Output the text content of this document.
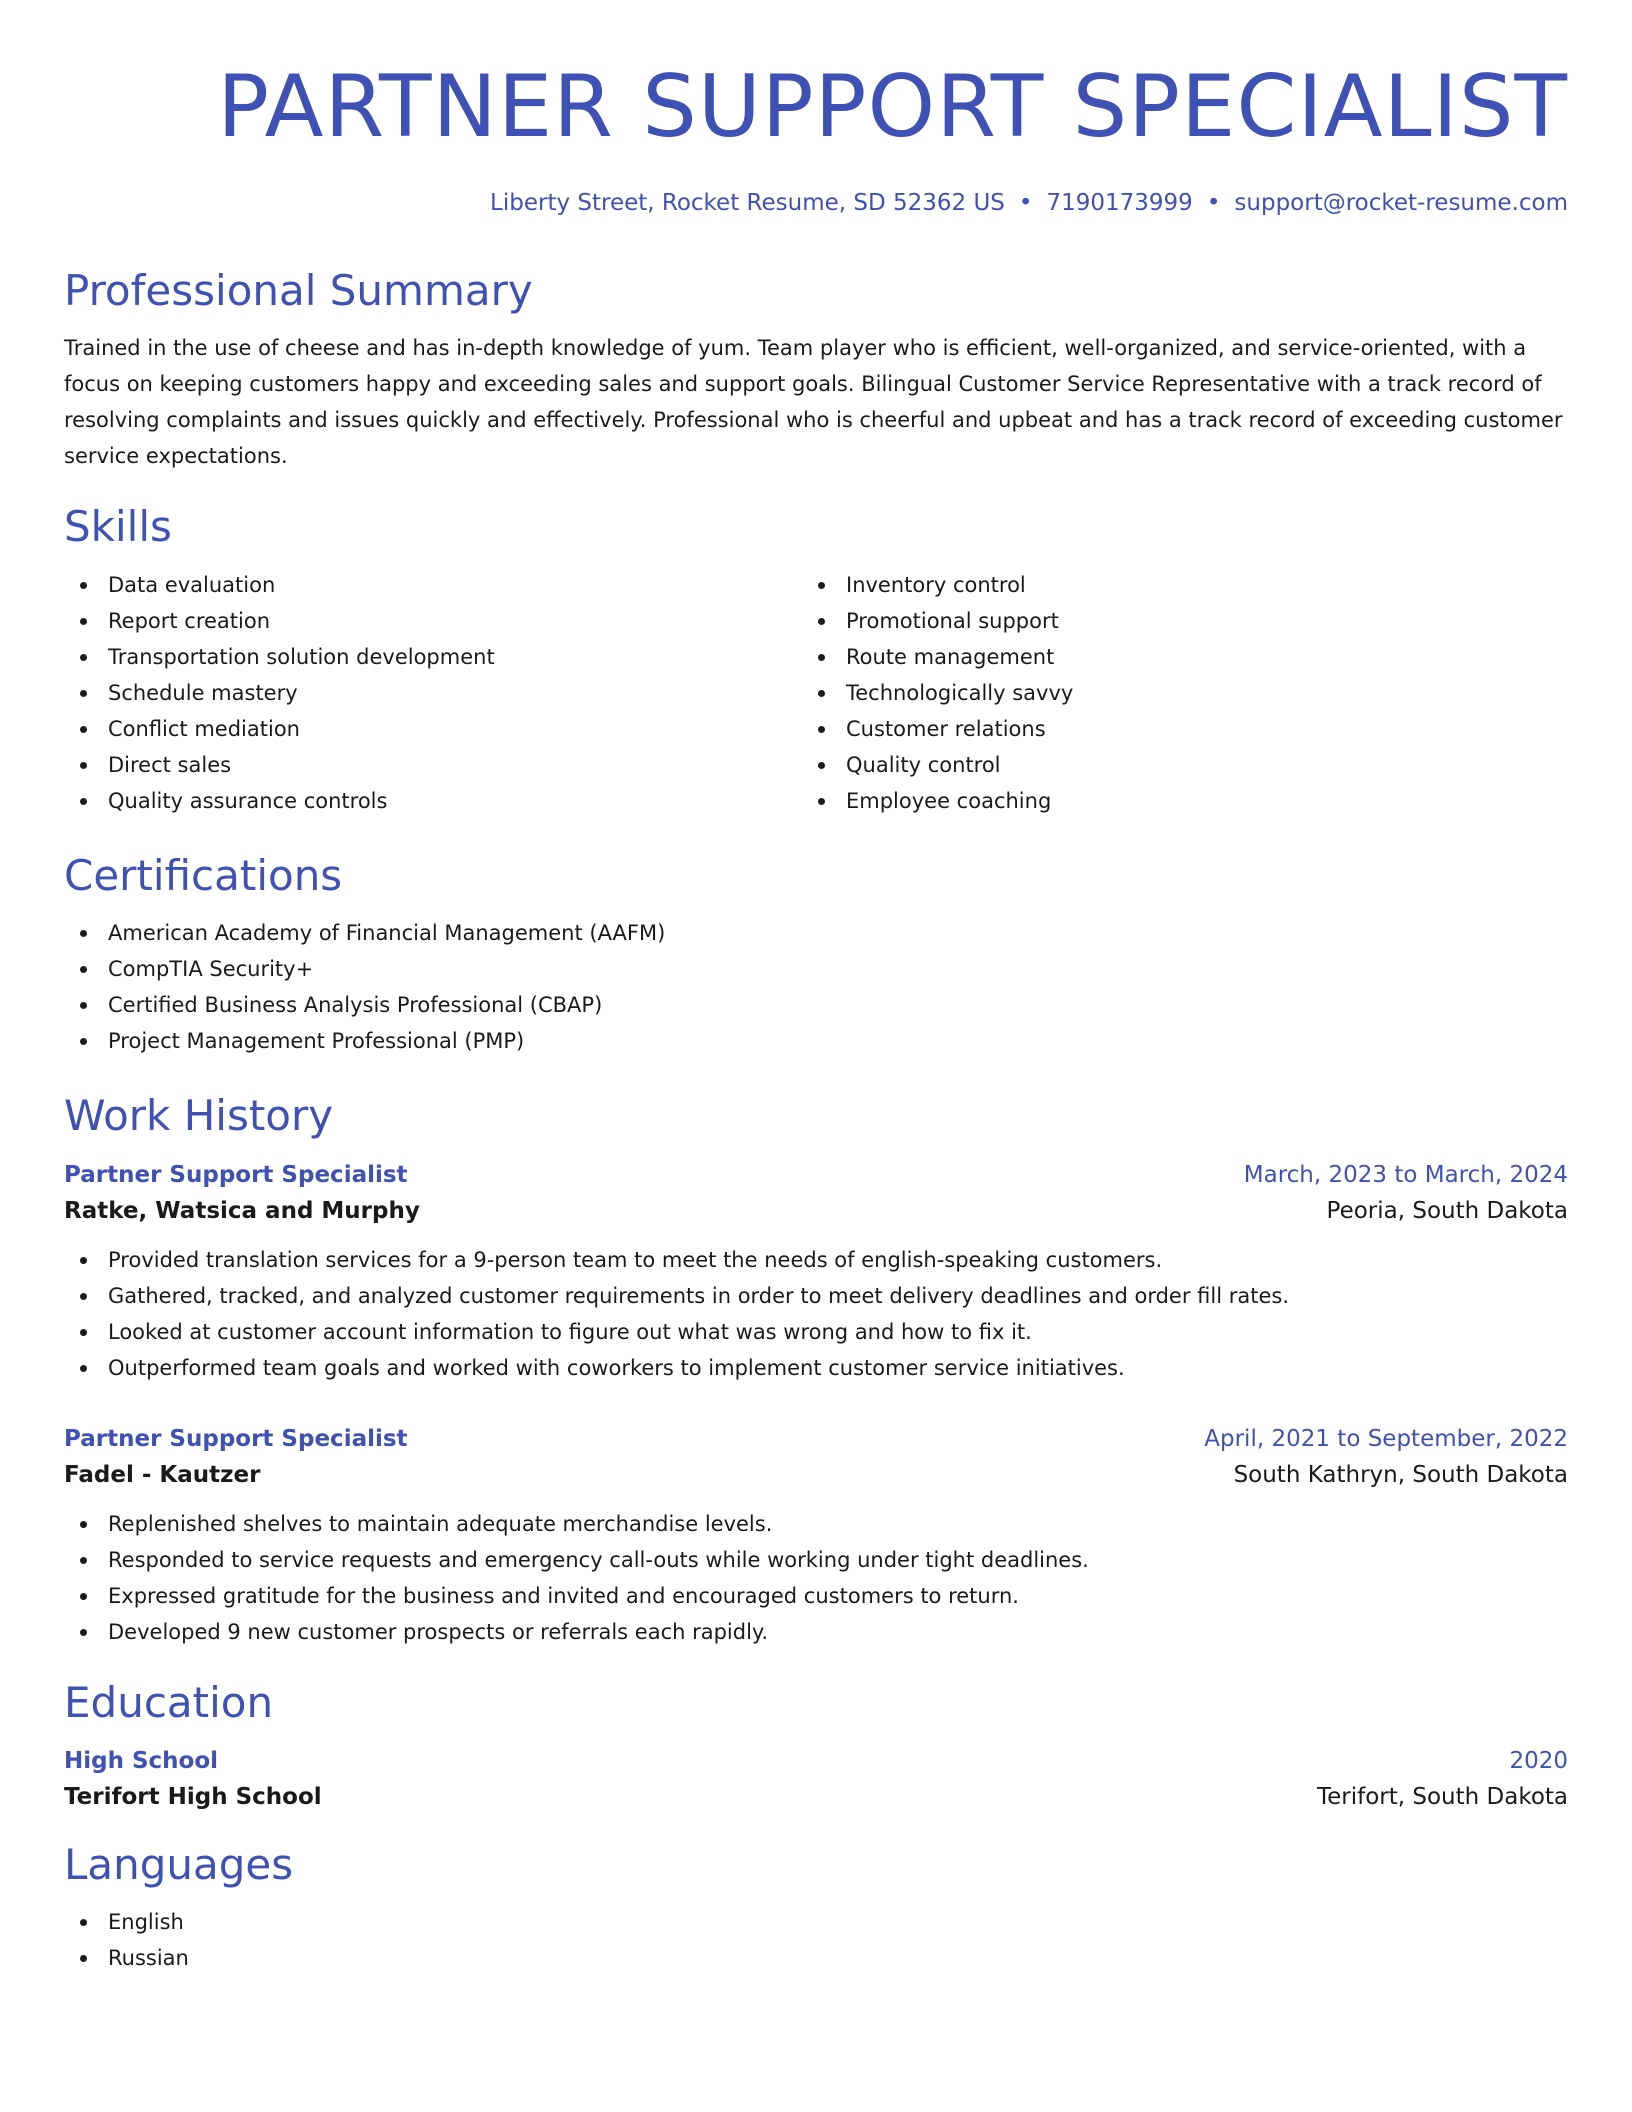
PARTNER SUPPORT SPECIALIST
Liberty Street, Rocket Resume, SD 52362 US • 7190173999 • support@rocket-resume.com
Professional Summary
Trained in the use of cheese and has in-depth knowledge of yum. Team player who is efficient, well-organized, and service-oriented, with a focus on keeping customers happy and exceeding sales and support goals. Bilingual Customer Service Representative with a track record of resolving complaints and issues quickly and effectively. Professional who is cheerful and upbeat and has a track record of exceeding customer service expectations.
Skills
Data evaluation
Report creation
Transportation solution development
Schedule mastery
Conflict mediation
Direct sales
Quality assurance controls
Inventory control
Promotional support
Route management
Technologically savvy
Customer relations
Quality control
Employee coaching
Certifications
American Academy of Financial Management (AAFM)
CompTIA Security+
Certified Business Analysis Professional (CBAP)
Project Management Professional (PMP)
Work History
Partner Support Specialist	March, 2023 to March, 2024
Ratke, Watsica and Murphy	Peoria, South Dakota
Provided translation services for a 9-person team to meet the needs of english-speaking customers.
Gathered, tracked, and analyzed customer requirements in order to meet delivery deadlines and order fill rates.
Looked at customer account information to figure out what was wrong and how to fix it.
Outperformed team goals and worked with coworkers to implement customer service initiatives.
Partner Support Specialist	April, 2021 to September, 2022
Fadel - Kautzer	South Kathryn, South Dakota
Replenished shelves to maintain adequate merchandise levels.
Responded to service requests and emergency call-outs while working under tight deadlines.
Expressed gratitude for the business and invited and encouraged customers to return.
Developed 9 new customer prospects or referrals each rapidly.
Education
High School	2020
Terifort High School	Terifort, South Dakota
Languages
English
Russian
